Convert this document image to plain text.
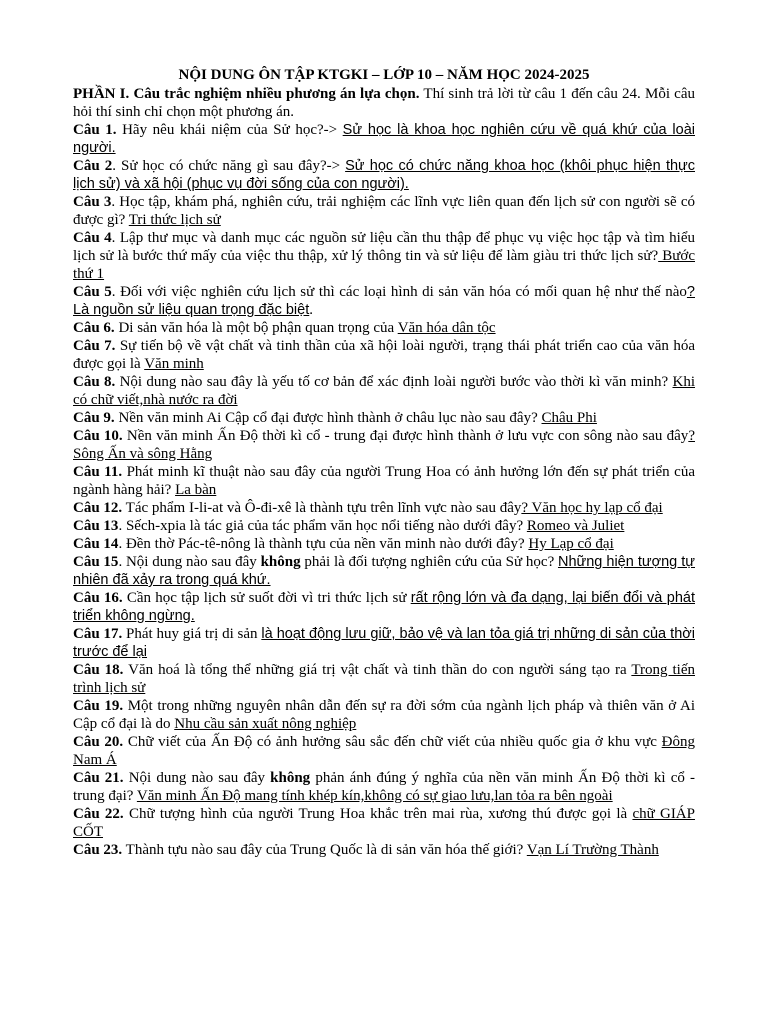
NỘI DUNG ÔN TẬP KTGKI – LỚP 10 – NĂM HỌC 2024-2025

PHẦN I. Câu trắc nghiệm nhiều phương án lựa chọn. Thí sinh trả lời từ câu 1 đến câu 24. Mỗi câu hỏi thí sinh chỉ chọn một phương án.

Câu 1. Hãy nêu khái niệm của Sử học?-> Sử học là khoa học nghiên cứu về quá khứ của loài người.

Câu 2. Sử học có chức năng gì sau đây?-> Sử học có chức năng khoa học (khôi phục hiện thực lịch sử) và xã hội (phục vụ đời sống của con người).

Câu 3. Học tập, khám phá, nghiên cứu, trải nghiệm các lĩnh vực liên quan đến lịch sử con người sẽ có được gì? Tri thức lịch sử

Câu 4. Lập thư mục và danh mục các nguồn sử liệu cần thu thập để phục vụ việc học tập và tìm hiểu lịch sử là bước thứ mấy của việc thu thập, xử lý thông tin và sử liệu để làm giàu tri thức lịch sử? Bước thứ 1

Câu 5. Đối với việc nghiên cứu lịch sử thì các loại hình di sản văn hóa có mối quan hệ như thế nào? Là nguồn sử liệu quan trọng đặc biệt.

Câu 6. Di sản văn hóa là một bộ phận quan trọng của Văn hóa dân tộc

Câu 7. Sự tiến bộ về vật chất và tinh thần của xã hội loài người, trạng thái phát triển cao của văn hóa được gọi là Văn minh

Câu 8. Nội dung nào sau đây là yếu tố cơ bản để xác định loài người bước vào thời kì văn minh? Khi có chữ viết,nhà nước ra đời

Câu 9. Nền văn minh Ai Cập cổ đại được hình thành ở châu lục nào sau đây? Châu Phi

Câu 10. Nền văn minh Ấn Độ thời kì cổ - trung đại được hình thành ở lưu vực con sông nào sau đây? Sông Ấn và sông Hằng

Câu 11. Phát minh kĩ thuật nào sau đây của người Trung Hoa có ảnh hưởng lớn đến sự phát triển của ngành hàng hải? La bàn

Câu 12. Tác phẩm I-li-at và Ô-đi-xê là thành tựu trên lĩnh vực nào sau đây? Văn học hy lạp cổ đại

Câu 13. Sếch-xpia là tác giả của tác phẩm văn học nổi tiếng nào dưới đây? Romeo và Juliet

Câu 14. Đền thờ Pác-tê-nông là thành tựu của nền văn minh nào dưới đây? Hy Lạp cổ đại

Câu 15. Nội dung nào sau đây không phải là đối tượng nghiên cứu của Sử học? Những hiện tượng tự nhiên đã xảy ra trong quá khứ.

Câu 16. Cần học tập lịch sử suốt đời vì tri thức lịch sử rất rộng lớn và đa dạng, lại biến đổi và phát triển không ngừng.

Câu 17. Phát huy giá trị di sản là hoạt động lưu giữ, bảo vệ và lan tỏa giá trị những di sản của thời trước để lại

Câu 18. Văn hoá là tổng thể những giá trị vật chất và tinh thần do con người sáng tạo ra Trong tiến trình lịch sử

Câu 19. Một trong những nguyên nhân dẫn đến sự ra đời sớm của ngành lịch pháp và thiên văn ở Ai Cập cổ đại là do Nhu cầu sản xuất nông nghiệp

Câu 20. Chữ viết của Ấn Độ có ảnh hưởng sâu sắc đến chữ viết của nhiều quốc gia ở khu vực Đông Nam Á

Câu 21. Nội dung nào sau đây không phản ánh đúng ý nghĩa của nền văn minh Ấn Độ thời kì cổ - trung đại? Văn minh Ấn Độ mang tính khép kín,không có sự giao lưu,lan tỏa ra bên ngoài

Câu 22. Chữ tượng hình của người Trung Hoa khắc trên mai rùa, xương thú được gọi là chữ GIÁP CỐT

Câu 23. Thành tựu nào sau đây của Trung Quốc là di sản văn hóa thế giới? Vạn Lí Trường Thành
